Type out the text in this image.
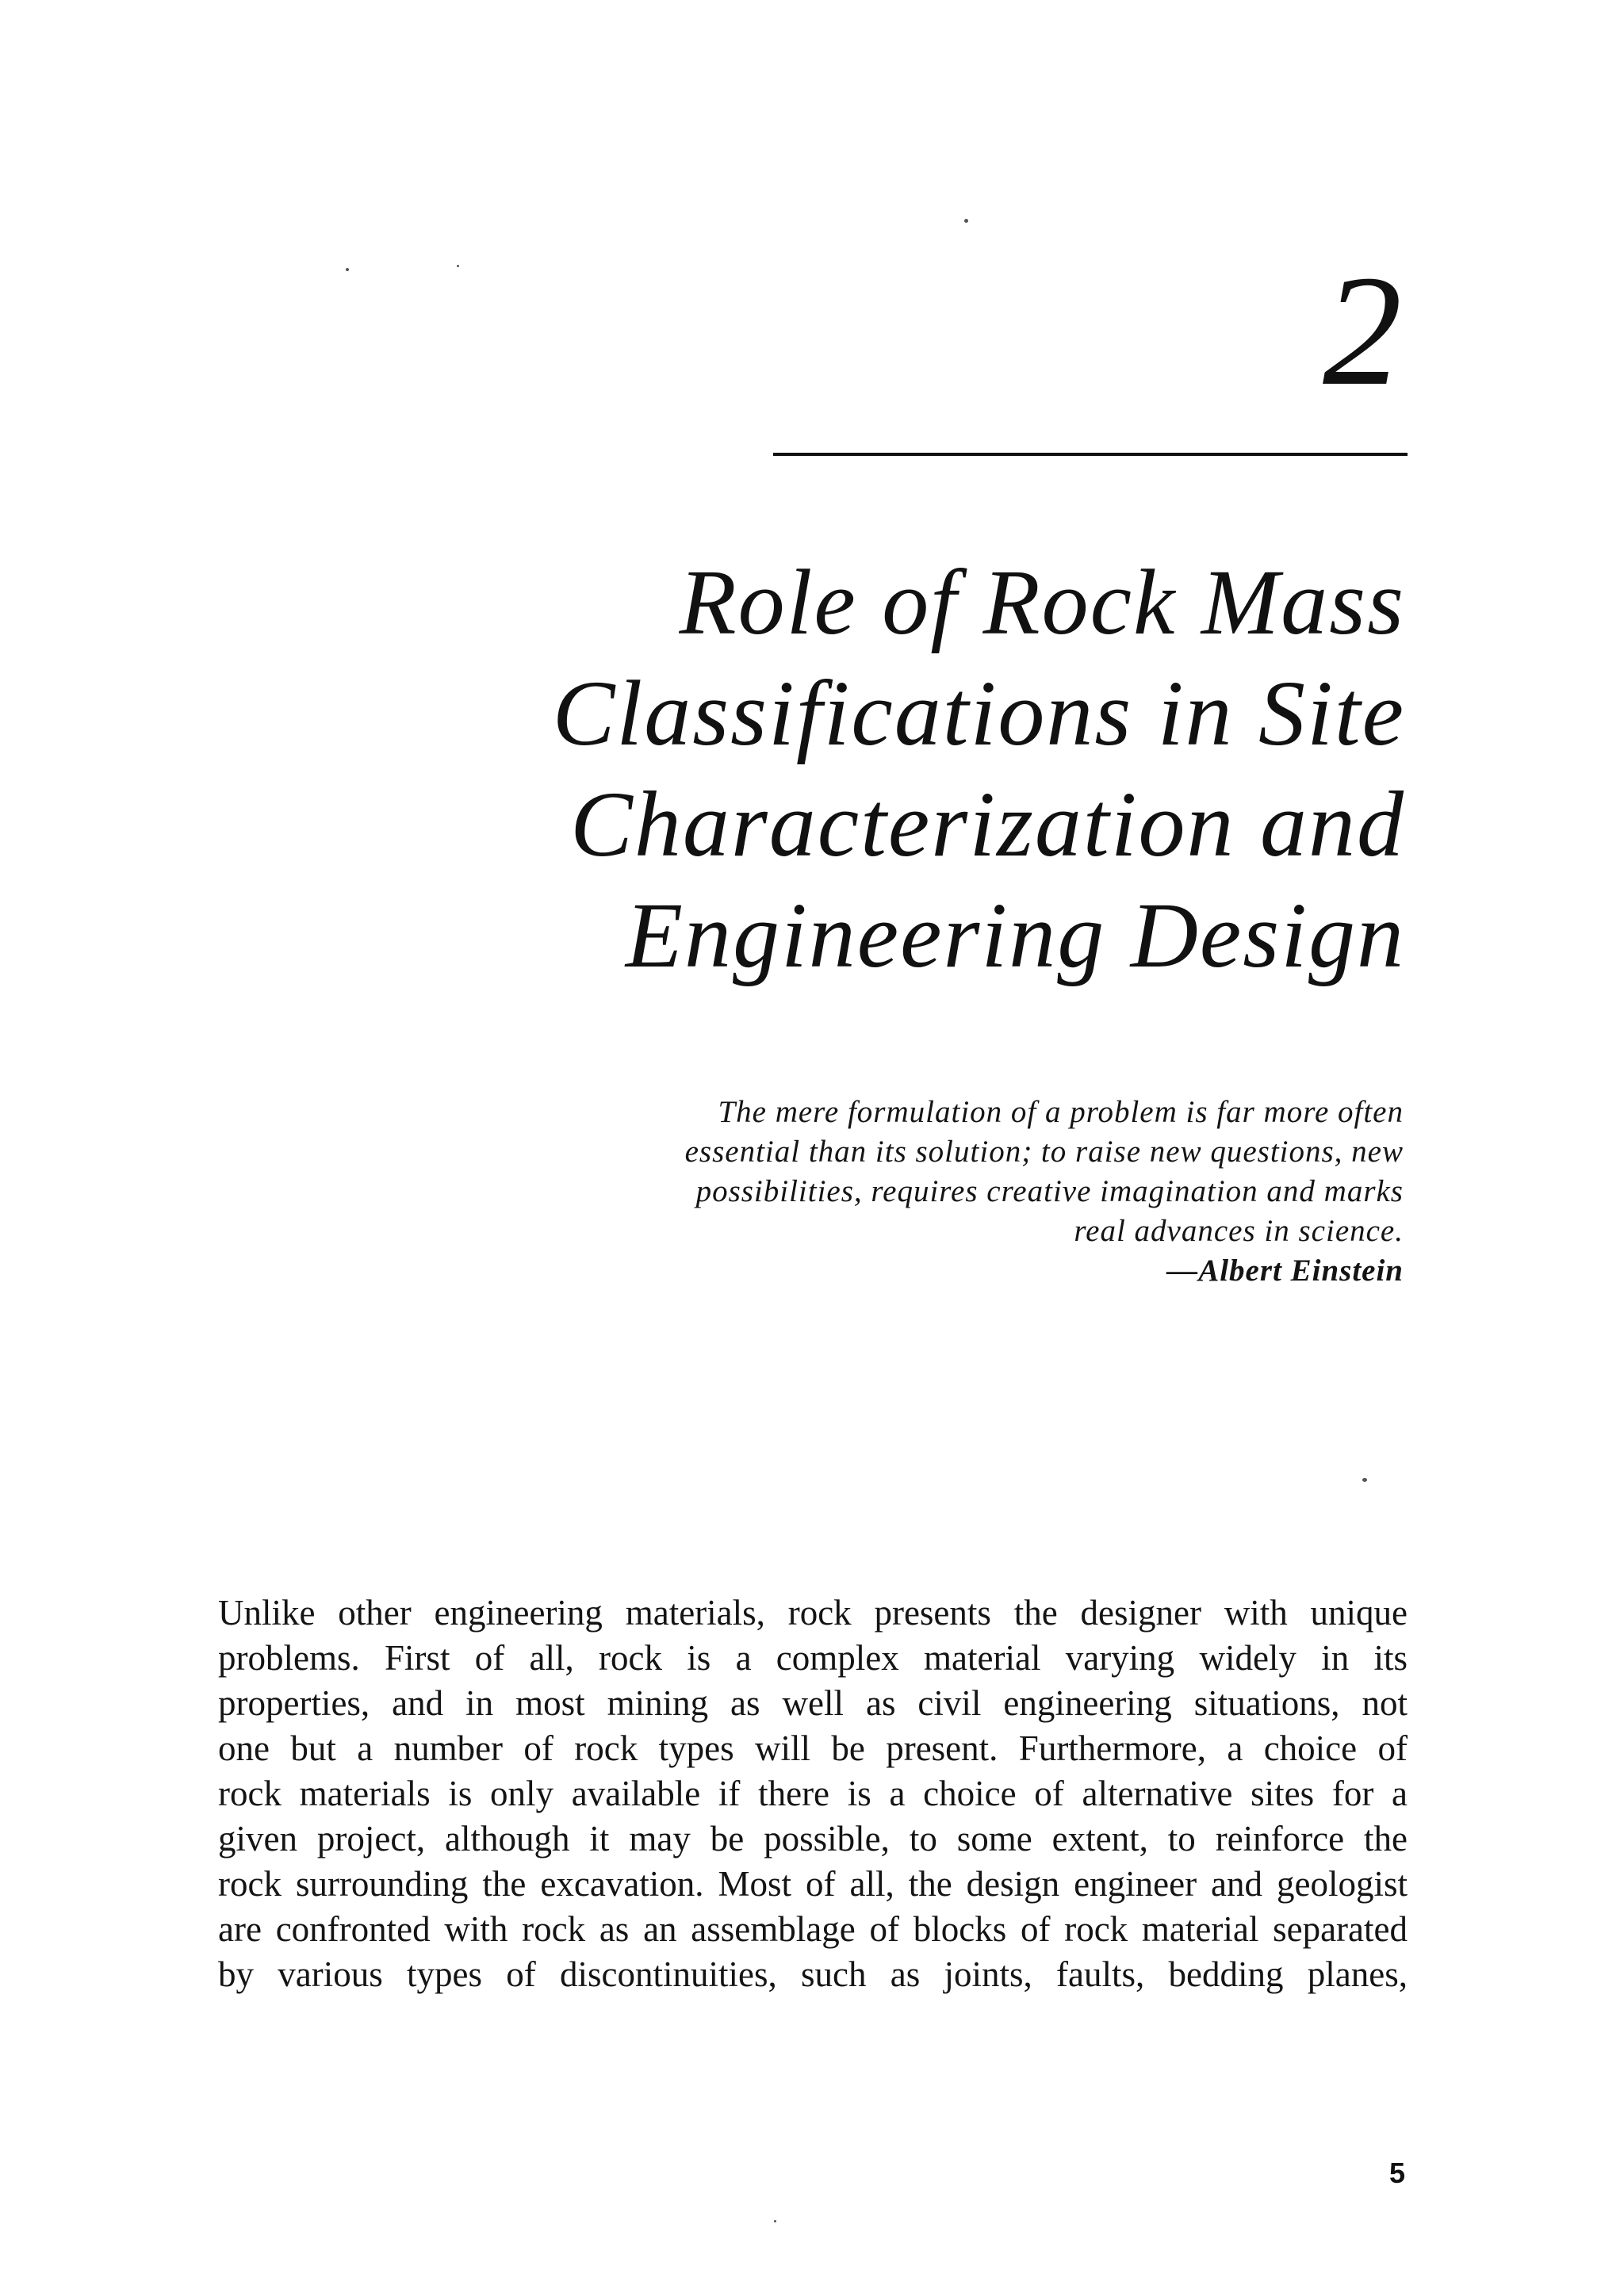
2
Role of Rock Mass
Classifications in Site
Characterization and
Engineering Design
The mere formulation of a problem is far more often
essential than its solution; to raise new questions, new
possibilities, requires creative imagination and marks
real advances in science.
—Albert Einstein
Unlike other engineering materials, rock presents the designer with unique
problems. First of all, rock is a complex material varying widely in its
properties, and in most mining as well as civil engineering situations, not
one but a number of rock types will be present. Furthermore, a choice of
rock materials is only available if there is a choice of alternative sites for a
given project, although it may be possible, to some extent, to reinforce the
rock surrounding the excavation. Most of all, the design engineer and geologist
are confronted with rock as an assemblage of blocks of rock material separated
by various types of discontinuities, such as joints, faults, bedding planes,
5
